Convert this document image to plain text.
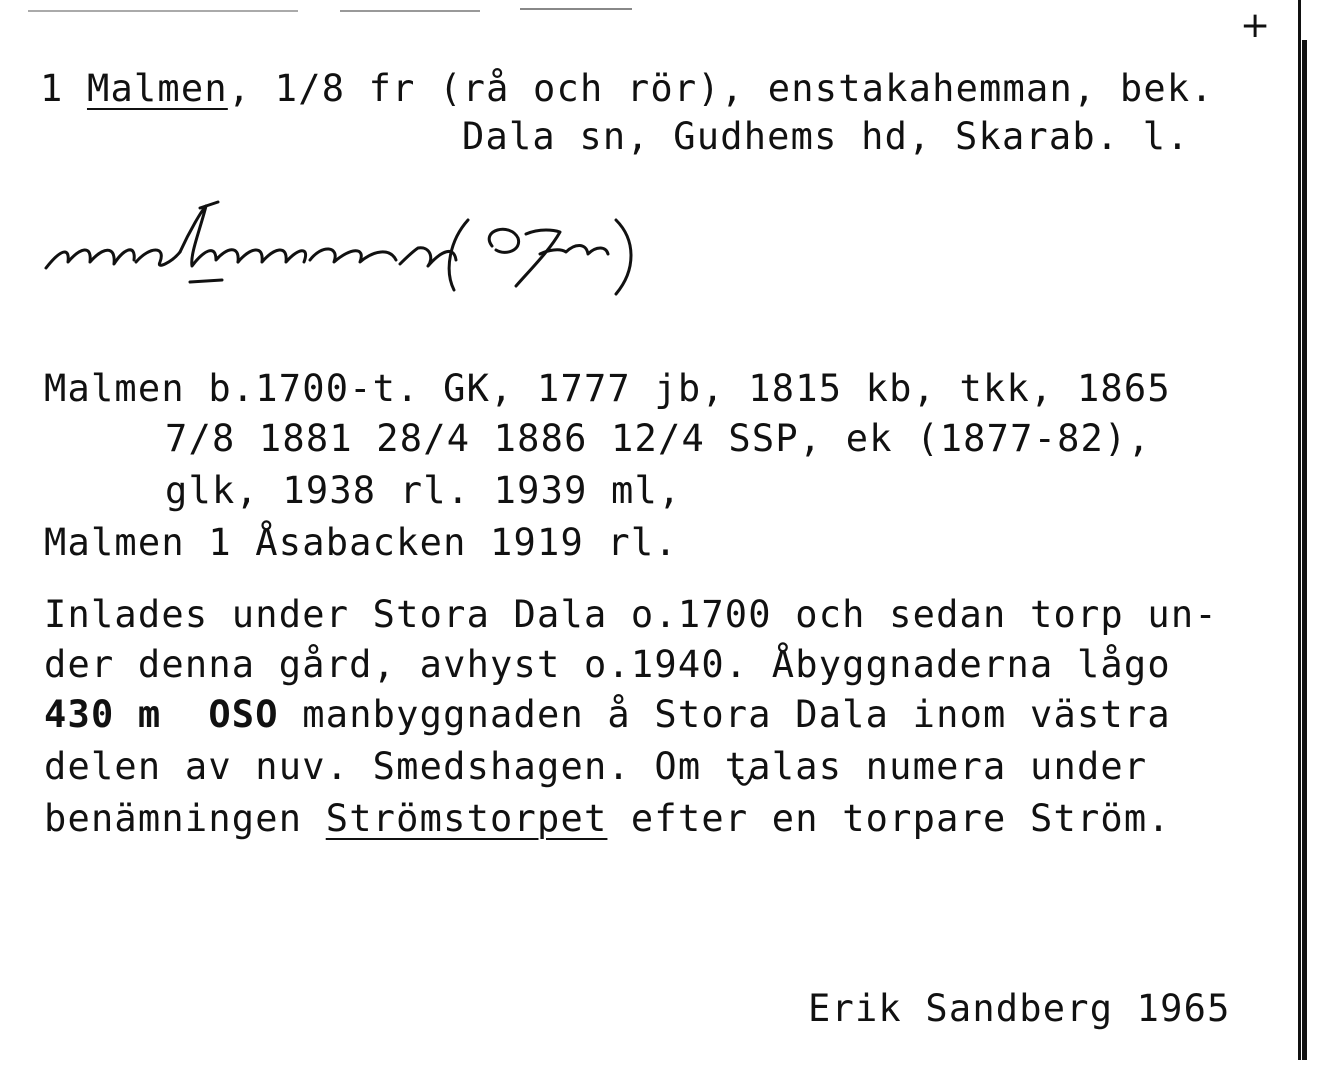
+
1 Malmen, 1/8 fr (rå och rör), enstakahemman, bek.
Dala sn, Gudhems hd, Skarab. l.
Malmen b.1700-t. GK, 1777 jb, 1815 kb, tkk, 1865
7/8 1881 28/4 1886 12/4 SSP, ek (1877-82),
glk, 1938 rl. 1939 ml,
Malmen 1 Åsabacken 1919 rl.
Inlades under Stora Dala o.1700 och sedan torp un-
der denna gård, avhyst o.1940. Åbyggnaderna lågo
430 m  OSO manbyggnaden å Stora Dala inom västra
delen av nuv. Smedshagen. Om talas numera under
benämningen Strömstorpet efter en torpare Ström.
Erik Sandberg 1965
